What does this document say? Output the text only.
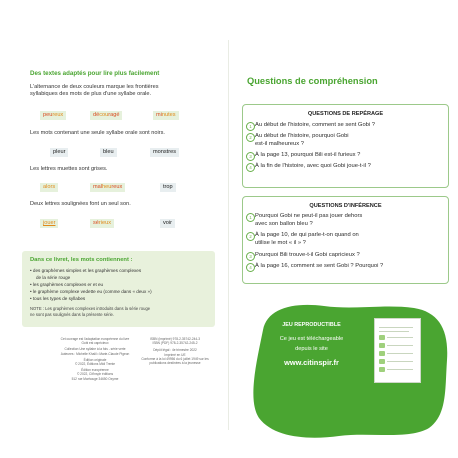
Des textes adaptés pour lire plus facilement
L'alternance de deux couleurs marque les frontières
syllabiques des mots de plus d'une syllabe orale.
peureux	découragé	minutes
Les mots contenant une seule syllabe orale sont noirs.
pleur	bleu	monstres
Les lettres muettes sont grises.
alors	malheureux	trop
Deux lettres soulignées font un seul son.
jouer	sérieux	voir
Dans ce livret, les mots contiennent :
• des graphèmes simples et les graphèmes complexes
de la série rouge
• les graphèmes complexes er et eu
• le graphème complexe vedette eu (comme dans « deux »)
• tous les types de syllabes
NOTE : Les graphèmes complexes introduits dans la série rouge
ne sont pas soulignés dans la présente série.
Cet ouvrage est l'adaptation européenne du livre
Gobi est capricieux
Collection Une syllabe à la fois - série verte
Auteures : Michelle Khalil • Marie-Claude Pigeon
Édition originale
© 2022, Éditions Midi Trente
Édition européenne
© 2022, Cit'inspir éditions
512 rue Marhouge 34650 Oxyme
ISBN (imprimé) 978-2-35742-244-3
ISBN (PDF) 978-2-35742-245-2
Dépôt légal : 4e trimestre 2022
Imprimé en UE
Conforme à la loi 49956 du 6 juillet 1949 sur les
publications destinées à la jeunesse
Questions de compréhension
QUESTIONS DE REPÉRAGE
1 Au début de l'histoire, comment se sent Gobi ?
2 Au début de l'histoire, pourquoi Gobi
est-il malheureux ?
3 À la page 13, pourquoi Bili est-il furieux ?
4 À la fin de l'histoire, avec quoi Gobi joue-t-il ?
QUESTIONS D'INFÉRENCE
1 Pourquoi Gobi ne peut-il pas jouer dehors
avec son ballon bleu ?
2 À la page 10, de qui parle-t-on quand on
utilise le mot « il » ?
3 Pourquoi Bili trouve-t-il Gobi capricieux ?
4 À la page 16, comment se sent Gobi ? Pourquoi ?
JEU REPRODUCTIBLE
Ce jeu est téléchargeable
depuis le site
www.citinspir.fr
